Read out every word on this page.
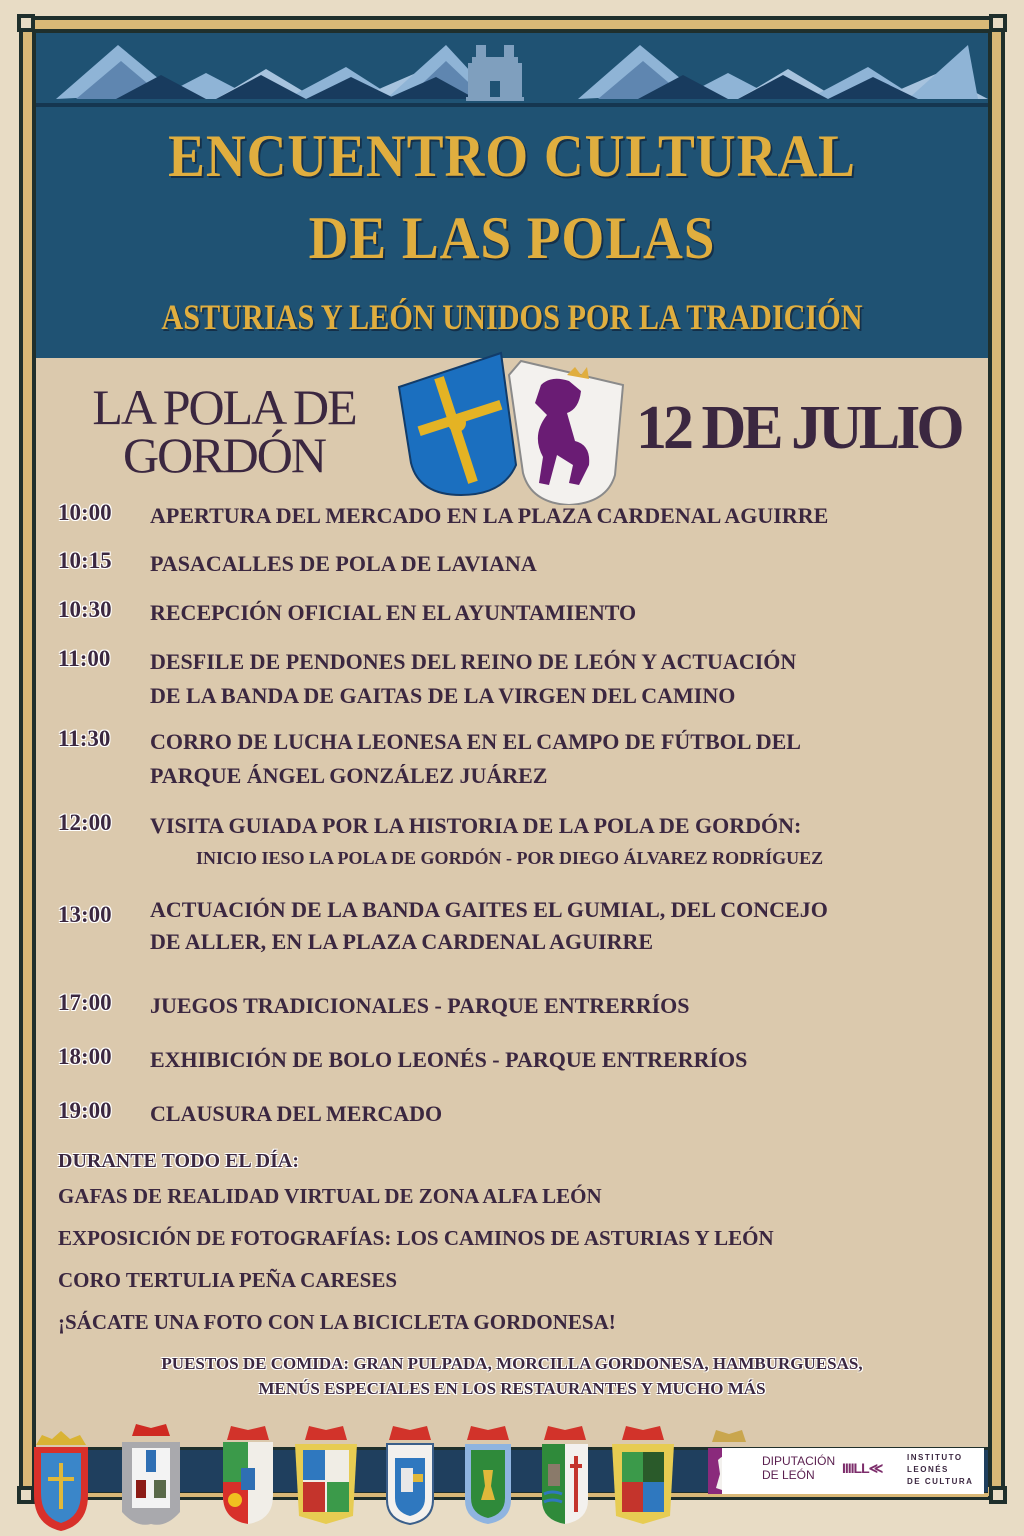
ENCUENTRO CULTURAL
DE LAS POLAS
ASTURIAS Y LEÓN UNIDOS POR LA TRADICIÓN
LA POLA DE
GORDÓN	12 DE JULIO
10:00 APERTURA DEL MERCADO EN LA PLAZA CARDENAL AGUIRRE
10:15 PASACALLES DE POLA DE LAVIANA
10:30 RECEPCIÓN OFICIAL EN EL AYUNTAMIENTO
11:00 DESFILE DE PENDONES DEL REINO DE LEÓN Y ACTUACIÓN
DE LA BANDA DE GAITAS DE LA VIRGEN DEL CAMINO
11:30 CORRO DE LUCHA LEONESA EN EL CAMPO DE FÚTBOL DEL
PARQUE ÁNGEL GONZÁLEZ JUÁREZ
12:00 VISITA GUIADA POR LA HISTORIA DE LA POLA DE GORDÓN:
INICIO IESO LA POLA DE GORDÓN - POR DIEGO ÁLVAREZ RODRÍGUEZ
13:00 ACTUACIÓN DE LA BANDA GAITES EL GUMIAL, DEL CONCEJO
DE ALLER, EN LA PLAZA CARDENAL AGUIRRE
17:00 JUEGOS TRADICIONALES - PARQUE ENTRERRÍOS
18:00 EXHIBICIÓN DE BOLO LEONÉS - PARQUE ENTRERRÍOS
19:00 CLAUSURA DEL MERCADO
DURANTE TODO EL DÍA:
GAFAS DE REALIDAD VIRTUAL DE ZONA ALFA LEÓN
EXPOSICIÓN DE FOTOGRAFÍAS: LOS CAMINOS DE ASTURIAS Y LEÓN
CORO TERTULIA PEÑA CARESES
¡SÁCATE UNA FOTO CON LA BICICLETA GORDONESA!
PUESTOS DE COMIDA: GRAN PULPADA, MORCILLA GORDONESA, HAMBURGUESAS,
MENÚS ESPECIALES EN LOS RESTAURANTES Y MUCHO MÁS
DIPUTACIÓN
DE LEÓN	IIIILL≪
INSTITUTO
LEONÉS
DE CULTURA
